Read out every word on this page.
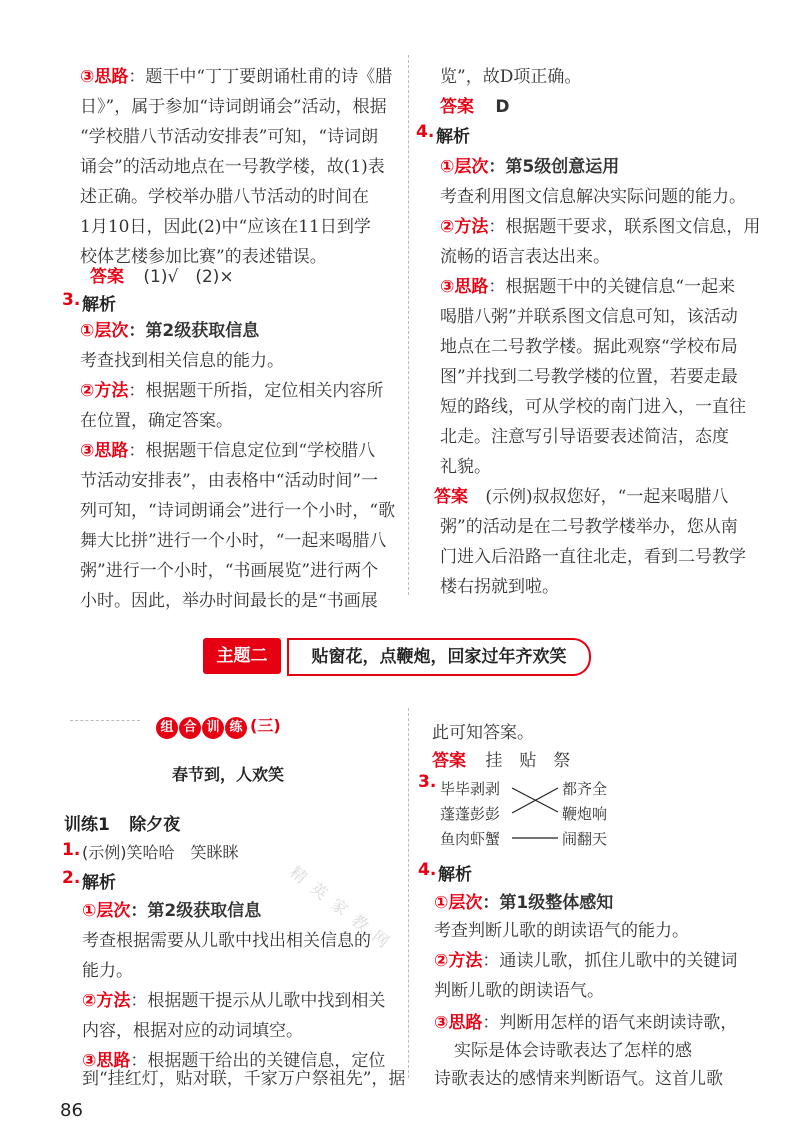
③思路：题干中“丁丁要朗诵杜甫的诗《腊
日》”，属于参加“诗词朗诵会”活动，根据
“学校腊八节活动安排表”可知，“诗词朗
诵会”的活动地点在一号教学楼，故(1)表
述正确。学校举办腊八节活动的时间在
1月10日，因此(2)中“应该在11日到学
校体艺楼参加比赛”的表述错误。
答案 (1)√　(2)×
3. 解析
①层次：第2级获取信息
考查找到相关信息的能力。
②方法：根据题干所指，定位相关内容所
在位置，确定答案。
③思路：根据题干信息定位到“学校腊八
节活动安排表”，由表格中“活动时间”一
列可知，“诗词朗诵会”进行一个小时，“歌
舞大比拼”进行一个小时，“一起来喝腊八
粥”进行一个小时，“书画展览”进行两个
小时。因此，举办时间最长的是“书画展
览”，故D项正确。
答案 D
4. 解析
①层次：第5级创意运用
考查利用图文信息解决实际问题的能力。
②方法：根据题干要求，联系图文信息，用
流畅的语言表达出来。
③思路：根据题干中的关键信息“一起来
喝腊八粥”并联系图文信息可知，该活动
地点在二号教学楼。据此观察“学校布局
图”并找到二号教学楼的位置，若要走最
短的路线，可从学校的南门进入，一直往
北走。注意写引导语要表述简洁，态度
礼貌。
答案 (示例)叔叔您好，“一起来喝腊八
粥”的活动是在二号教学楼举办，您从南
门进入后沿路一直往北走，看到二号教学
楼右拐就到啦。
主题二	贴窗花，点鞭炮，回家过年齐欢笑
组 合 训 练 (三)
春节到，人欢笑
训练1 除夕夜
1. (示例)笑哈哈　笑眯眯
2. 解析
①层次：第2级获取信息
考查根据需要从儿歌中找出相关信息的
能力。
②方法：根据题干提示从儿歌中找到相关
内容，根据对应的动词填空。
③思路：根据题干给出的关键信息，定位
到“挂红灯，贴对联，千家万户祭祖先”，据
此可知答案。
答案 挂　贴　祭
3. 毕毕剥剥
蓬蓬彭彭
鱼肉虾蟹
都齐全
鞭炮响
闹翻天
4. 解析
①层次：第1级整体感知
考查判断儿歌的朗读语气的能力。
②方法：通读儿歌，抓住儿歌中的关键词
判断儿歌的朗读语气。
③思路：判断用怎样的语气来朗读诗歌，
实际是体会诗歌表达了怎样的感
诗歌表达的感情来判断语气。这首儿歌
精英家教网
86
